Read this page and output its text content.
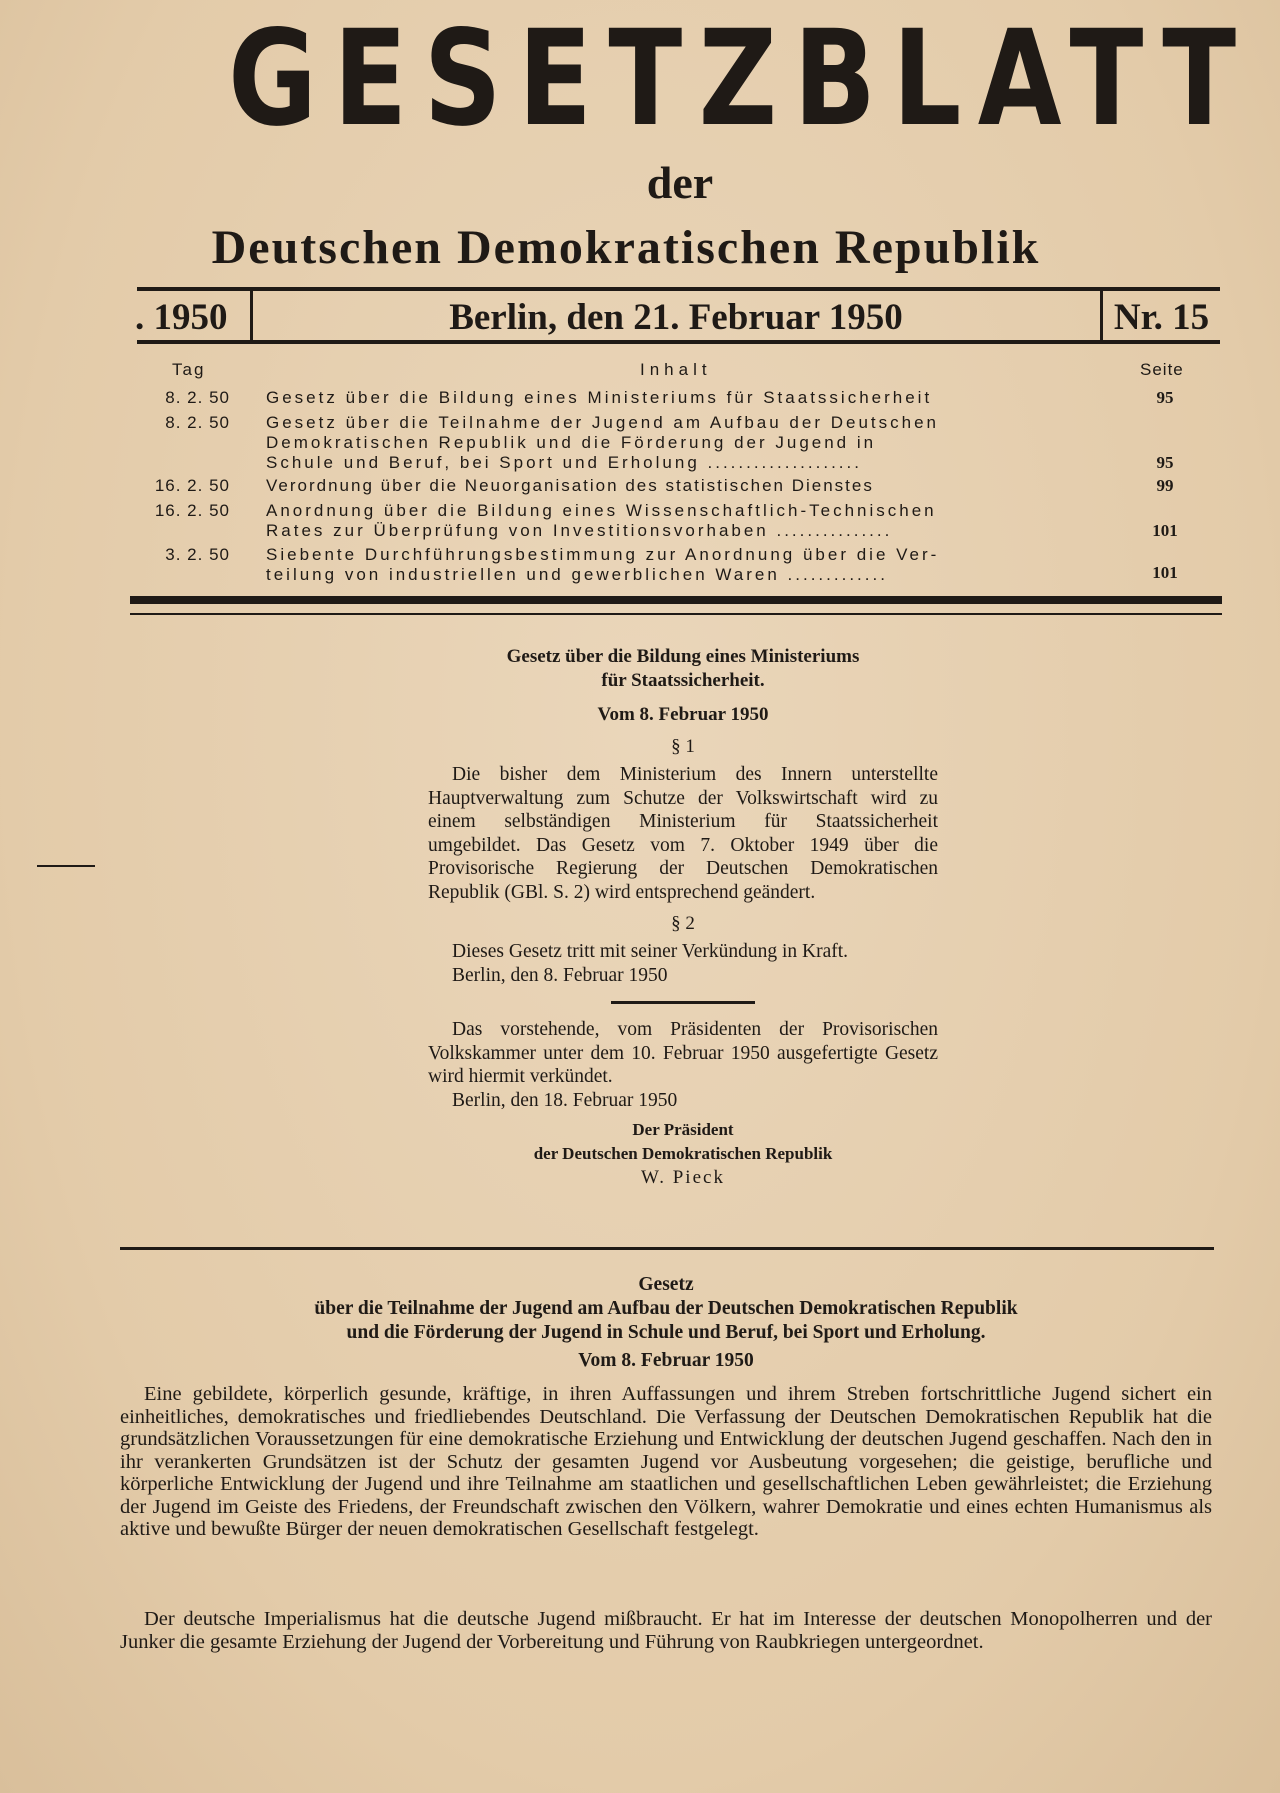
GESETZBLATT
der
Deutschen Demokratischen Republik
. 1950	Berlin, den 21. Februar 1950	Nr. 15
Tag	Inhalt	Seite
8. 2. 50 Gesetz über die Bildung eines Ministeriums für Staatssicherheit	95
8. 2. 50 Gesetz über die Teilnahme der Jugend am Aufbau der Deutschen
Demokratischen Republik und die Förderung der Jugend in
Schule und Beruf, bei Sport und Erholung ....................	95
16. 2. 50 Verordnung über die Neuorganisation des statistischen Dienstes	99
16. 2. 50 Anordnung über die Bildung eines Wissenschaftlich-Technischen
Rates zur Überprüfung von Investitionsvorhaben ...............	101
3. 2. 50 Siebente Durchführungsbestimmung zur Anordnung über die Ver-
teilung von industriellen und gewerblichen Waren .............	101
Gesetz über die Bildung eines Ministeriums
für Staatssicherheit.
Vom 8. Februar 1950
§ 1
Die bisher dem Ministerium des Innern unterstellte Hauptverwaltung zum Schutze der Volkswirtschaft wird zu einem selbständigen Ministerium für Staatssicherheit umgebildet. Das Gesetz vom 7. Oktober 1949 über die Provisorische Regierung der Deutschen Demokratischen Republik (GBl. S. 2) wird entsprechend geändert.
§ 2
Dieses Gesetz tritt mit seiner Verkündung in Kraft.
Berlin, den 8. Februar 1950
Das vorstehende, vom Präsidenten der Provisorischen Volkskammer unter dem 10. Februar 1950 ausgefertigte Gesetz wird hiermit verkündet.
Berlin, den 18. Februar 1950
Der Präsident
der Deutschen Demokratischen Republik
W. Pieck
Gesetz
über die Teilnahme der Jugend am Aufbau der Deutschen Demokratischen Republik
und die Förderung der Jugend in Schule und Beruf, bei Sport und Erholung.
Vom 8. Februar 1950
Eine gebildete, körperlich gesunde, kräftige, in ihren Auffassungen und ihrem Streben fortschrittliche Jugend sichert ein einheitliches, demokratisches und friedliebendes Deutschland. Die Verfassung der Deutschen Demokratischen Republik hat die grundsätzlichen Voraussetzungen für eine demokratische Erziehung und Entwicklung der deutschen Jugend geschaffen. Nach den in ihr verankerten Grundsätzen ist der Schutz der gesamten Jugend vor Ausbeutung vorgesehen; die geistige, berufliche und körperliche Entwicklung der Jugend und ihre Teilnahme am staatlichen und gesellschaftlichen Leben gewährleistet; die Erziehung der Jugend im Geiste des Friedens, der Freundschaft zwischen den Völkern, wahrer Demokratie und eines echten Humanismus als aktive und bewußte Bürger der neuen demokratischen Gesellschaft festgelegt.
Der deutsche Imperialismus hat die deutsche Jugend mißbraucht. Er hat im Interesse der deutschen Monopolherren und der Junker die gesamte Erziehung der Jugend der Vorbereitung und Führung von Raubkriegen untergeordnet.
